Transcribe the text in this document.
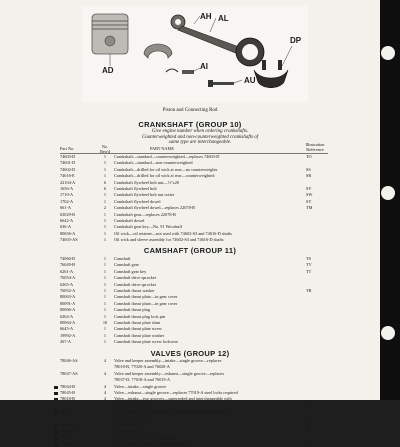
AH AL
DP
AD	AI
AU
Piston and Connecting Rod
CRANKSHAFT (GROUP 10)
Give engine number when ordering crankshafts.
Counterweighted and non-counterweighted crankshafts of
same type are interchangeable.
Part No.	No. Req'd
PART NAME
Illustration Reference
74603-D	1	Crankshaft—standard—counterweighted—replaces 74603-D	TO
74601-D	1	Crankshaft—standard—non-counterweighted
74602-D	1	Crankshaft—drilled for oil wick at rear—no counterweights	SS
74616-E	1	Crankshaft—drilled for oil wick at rear—counterweighted	SR
22104-A	6	Crankshaft flywheel bolt nut—½"x20
1656-A	6	Crankshaft flywheel bolt	SV
1710-A	1	Crankshaft flywheel bolt nut cotter	SW
1702-A	1	Crankshaft flywheel dowel	SY
661-A	2	Crankshaft flywheel dowel—replaces 22078-B	TM
63029-B	1	Crankshaft gear—replaces 22078-B
6642-A	1	Crankshaft dowel
636-A	1	Crankshaft gear key—No. 91 Woodruff
80656-A	1	Oil wick—oil retainer—not used with 74602-S3 and 74616-D shafts
74603-AS	1	Oil wick and sleeve assembly for 74602-S3 and 74616-D shafts
CAMSHAFT (GROUP 11)
74060-D	1	Camshaft	TS
76049-B	1	Camshaft gear	TV
6261-A	1	Camshaft gear key	TT
76054-A	1	Camshaft drive sprocket
6265-A	1	Camshaft drive sprocket
76052-A	1	Camshaft thrust washer	TR
80063-A	1	Camshaft thrust plate—in gear cover
80091-A	1	Camshaft thrust plate—in gear cover
80066-A	1	Camshaft thrust plug
6264-A	1	Camshaft thrust plug lock pin
80064-A	10	Camshaft thrust plate shim
6645-A	1	Camshaft thrust plate screw
19992-A	1	Camshaft thrust plate washer
267-A	1	Camshaft thrust plate screw lockwire
VALVES (GROUP 12)
78046-AS	4	Valve and keeper assembly—intake—single groove—replaces
78018-B, 77020-A and 76028-A
78047-AS	4	Valve and keeper assembly—exhaust—single groove—replaces
78037-D, 77018-A and 76019-A
78044-B	4	Valve—intake—single groove
78045-B	4	Valve—exhaust—single groove—replaces 77019-A steel locks required
78018-B	4	Valve—intake—two grooves—superseded and interchangeable with
76020-A and 77020-A	SF
78037-B	4	Valve—exhaust—two grooves—superseded and interchangeable with
76019-A and 77018-A	SE
76024-A	8	Valve spring	SB
76025-A	8	Valve spring seat	SG
77019-A	8	Valve spring seat lock—single groove
76019-AS	8	Valve spring seat lock—for single groove valve	SW
